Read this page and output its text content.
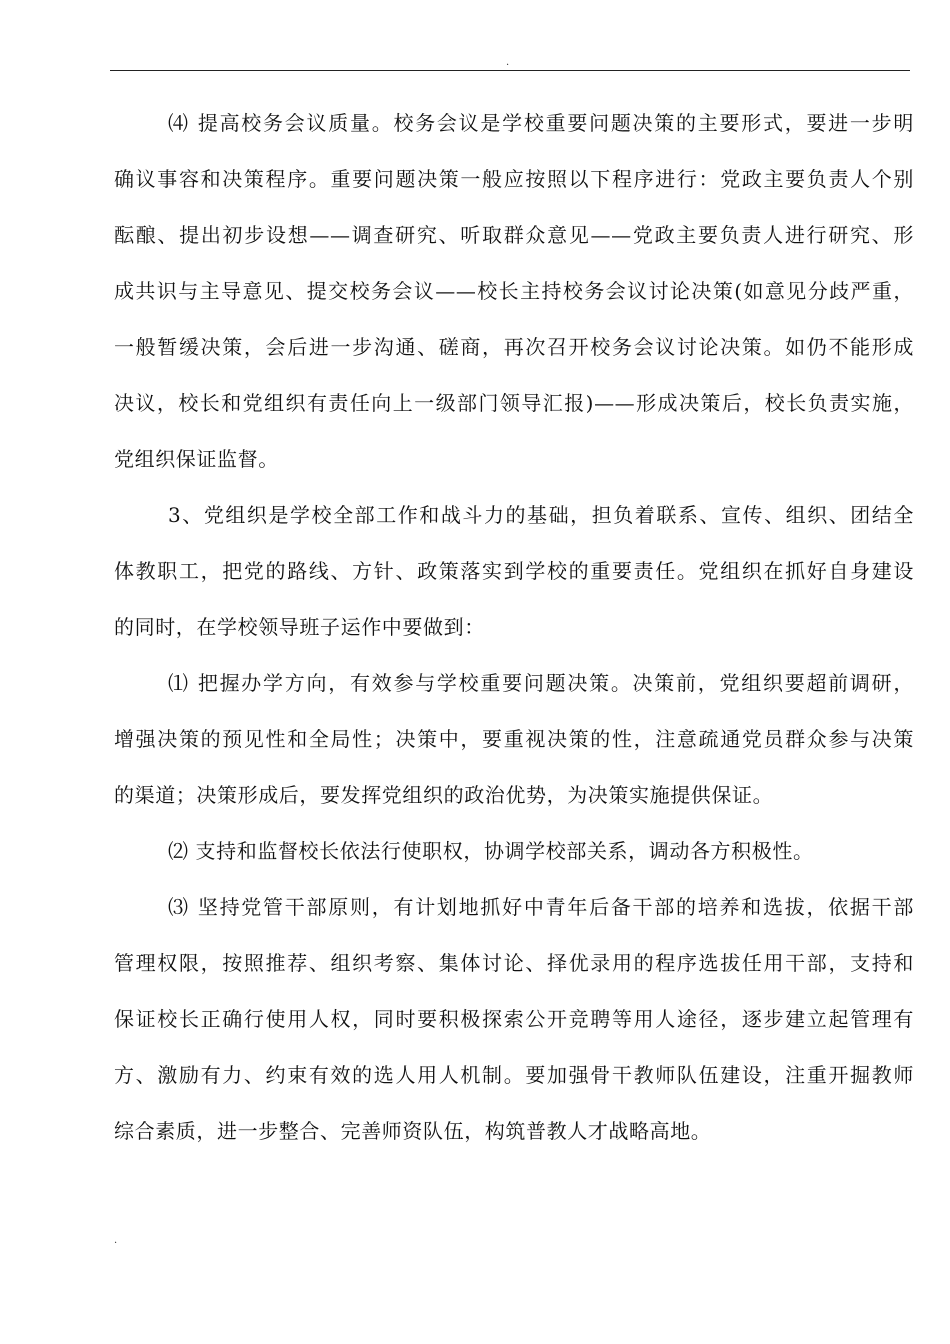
.
⑷ 提高校务会议质量。校务会议是学校重要问题决策的主要形式，要进一步明
确议事容和决策程序。重要问题决策一般应按照以下程序进行：党政主要负责人个别
酝酿、提出初步设想——调查研究、听取群众意见——党政主要负责人进行研究、形
成共识与主导意见、提交校务会议——校长主持校务会议讨论决策(如意见分歧严重，
一般暂缓决策，会后进一步沟通、磋商，再次召开校务会议讨论决策。如仍不能形成
决议，校长和党组织有责任向上一级部门领导汇报)——形成决策后，校长负责实施，
党组织保证监督。
3、党组织是学校全部工作和战斗力的基础，担负着联系、宣传、组织、团结全
体教职工，把党的路线、方针、政策落实到学校的重要责任。党组织在抓好自身建设
的同时，在学校领导班子运作中要做到：
⑴ 把握办学方向，有效参与学校重要问题决策。决策前，党组织要超前调研，
增强决策的预见性和全局性；决策中，要重视决策的性，注意疏通党员群众参与决策
的渠道；决策形成后，要发挥党组织的政治优势，为决策实施提供保证。
⑵ 支持和监督校长依法行使职权，协调学校部关系，调动各方积极性。
⑶ 坚持党管干部原则，有计划地抓好中青年后备干部的培养和选拔，依据干部
管理权限，按照推荐、组织考察、集体讨论、择优录用的程序选拔任用干部，支持和
保证校长正确行使用人权，同时要积极探索公开竞聘等用人途径，逐步建立起管理有
方、激励有力、约束有效的选人用人机制。要加强骨干教师队伍建设，注重开掘教师
综合素质，进一步整合、完善师资队伍，构筑普教人才战略高地。
.
